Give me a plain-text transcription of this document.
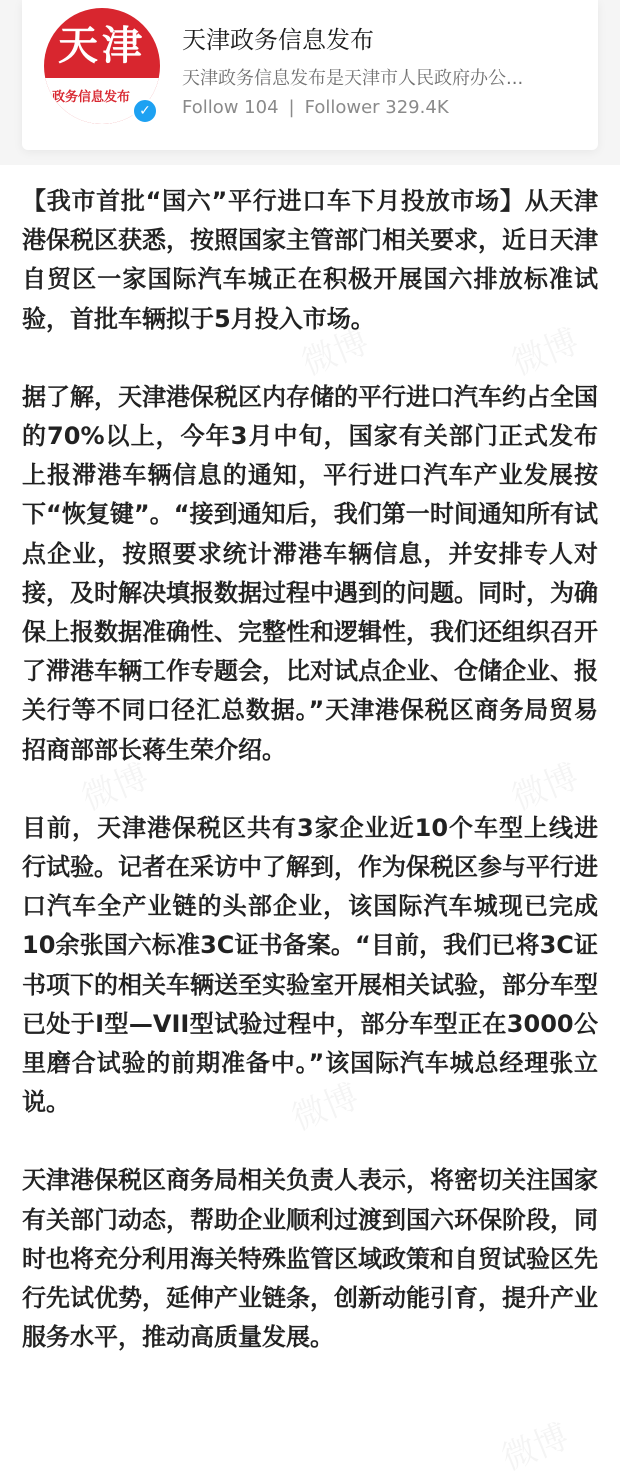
天津
政务信息发布
✓
天津政务信息发布
天津政务信息发布是天津市人民政府办公...
Follow 104 | Follower 329.4K

【我市首批“国六”平行进口车下月投放市场】从天津港保税区获悉，按照国家主管部门相关要求，近日天津自贸区一家国际汽车城正在积极开展国六排放标准试验，首批车辆拟于5月投入市场。

据了解，天津港保税区内存储的平行进口汽车约占全国的70%以上，今年3月中旬，国家有关部门正式发布上报滞港车辆信息的通知，平行进口汽车产业发展按下“恢复键”。“接到通知后，我们第一时间通知所有试点企业，按照要求统计滞港车辆信息，并安排专人对接，及时解决填报数据过程中遇到的问题。同时，为确保上报数据准确性、完整性和逻辑性，我们还组织召开了滞港车辆工作专题会，比对试点企业、仓储企业、报关行等不同口径汇总数据。”天津港保税区商务局贸易招商部部长蒋生荣介绍。

目前，天津港保税区共有3家企业近10个车型上线进行试验。记者在采访中了解到，作为保税区参与平行进口汽车全产业链的头部企业，该国际汽车城现已完成10余张国六标准3C证书备案。“目前，我们已将3C证书项下的相关车辆送至实验室开展相关试验，部分车型已处于I型—VII型试验过程中，部分车型正在3000公里磨合试验的前期准备中。”该国际汽车城总经理张立说。

天津港保税区商务局相关负责人表示，将密切关注国家有关部门动态，帮助企业顺利过渡到国六环保阶段，同时也将充分利用海关特殊监管区域政策和自贸试验区先行先试优势，延伸产业链条，创新动能引育，提升产业服务水平，推动高质量发展。
